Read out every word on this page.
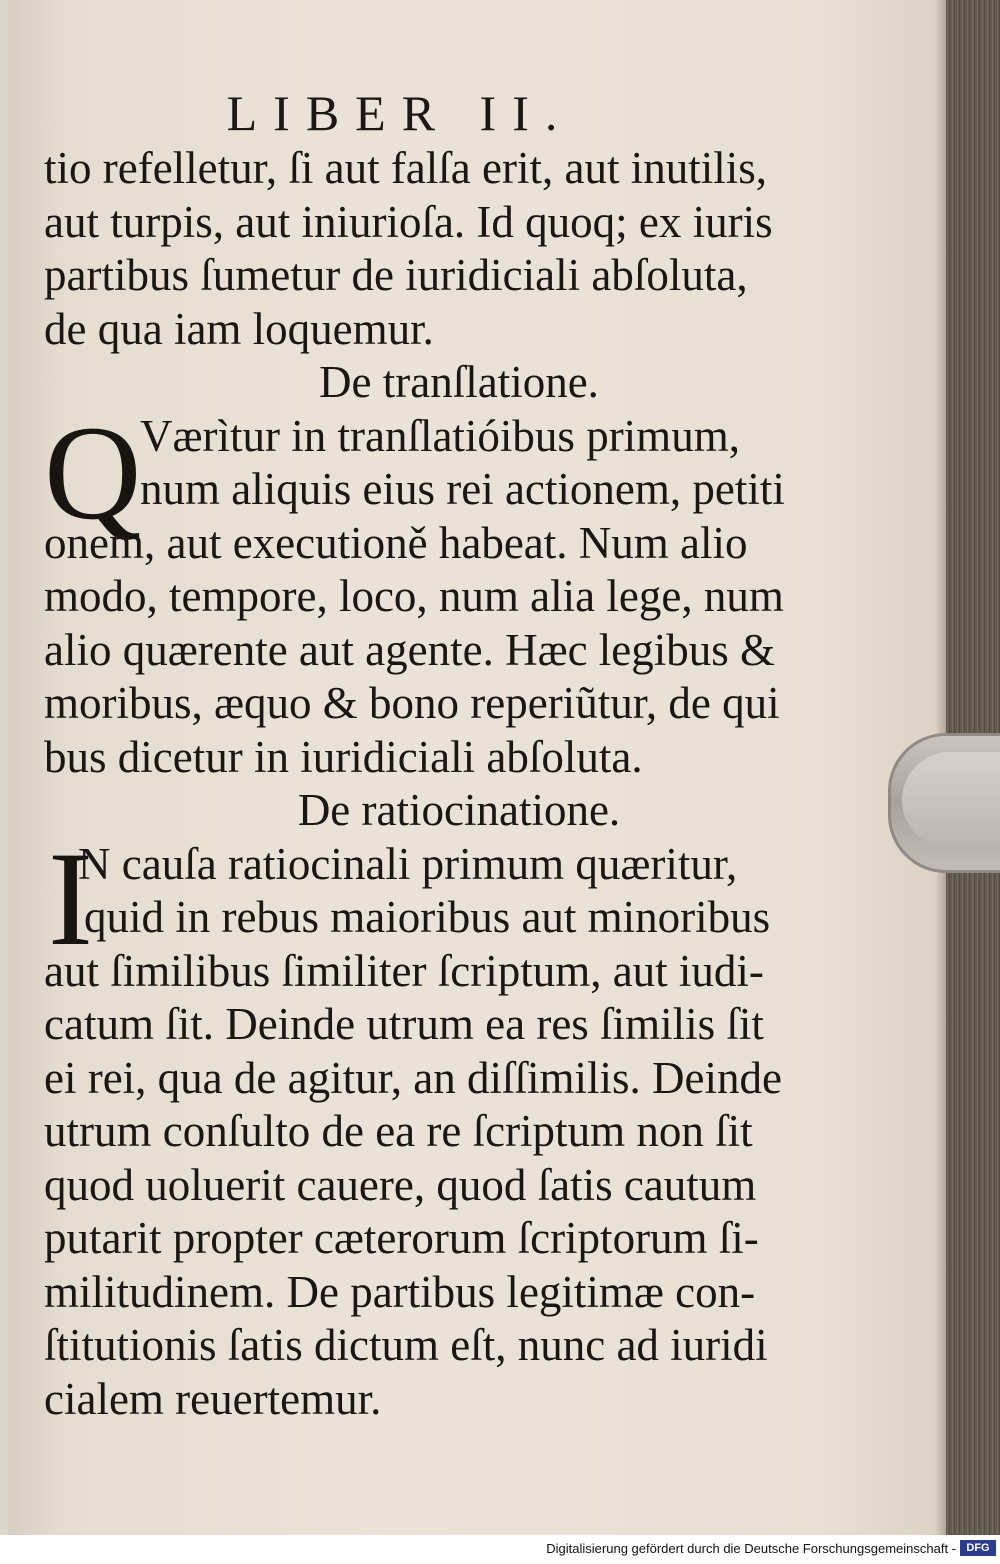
LIBER II.
tio refelletur, ſi aut falſa erit, aut inutilis,
aut turpis, aut iniurioſa. Id quoq; ex iuris
partibus ſumetur de iuridiciali abſoluta,
de qua iam loquemur.
De tranſlatione.
Q
Værìtur in tranſlatióibus primum,
num aliquis eius rei actionem, petiti
onem, aut executioně habeat. Num alio
modo, tempore, loco, num alia lege, num
alio quærente aut agente. Hæc legibus &
moribus, æquo & bono reperiũtur, de qui
bus dicetur in iuridiciali abſoluta.
De ratiocinatione.
I
N cauſa ratiocinali primum quæritur,
quid in rebus maioribus aut minoribus
aut ſimilibus ſimiliter ſcriptum, aut iudi-
catum ſit. Deinde utrum ea res ſimilis ſit
ei rei, qua de agitur, an diſſimilis. Deinde
utrum conſulto de ea re ſcriptum non ſit
quod uoluerit cauere, quod ſatis cautum
putarit propter cæterorum ſcriptorum ſi-
militudinem. De partibus legitimæ con-
ſtitutionis ſatis dictum eſt, nunc ad iuridi
cialem reuertemur.
Digitalisierung gefördert durch die Deutsche Forschungsgemeinschaft - DFG
